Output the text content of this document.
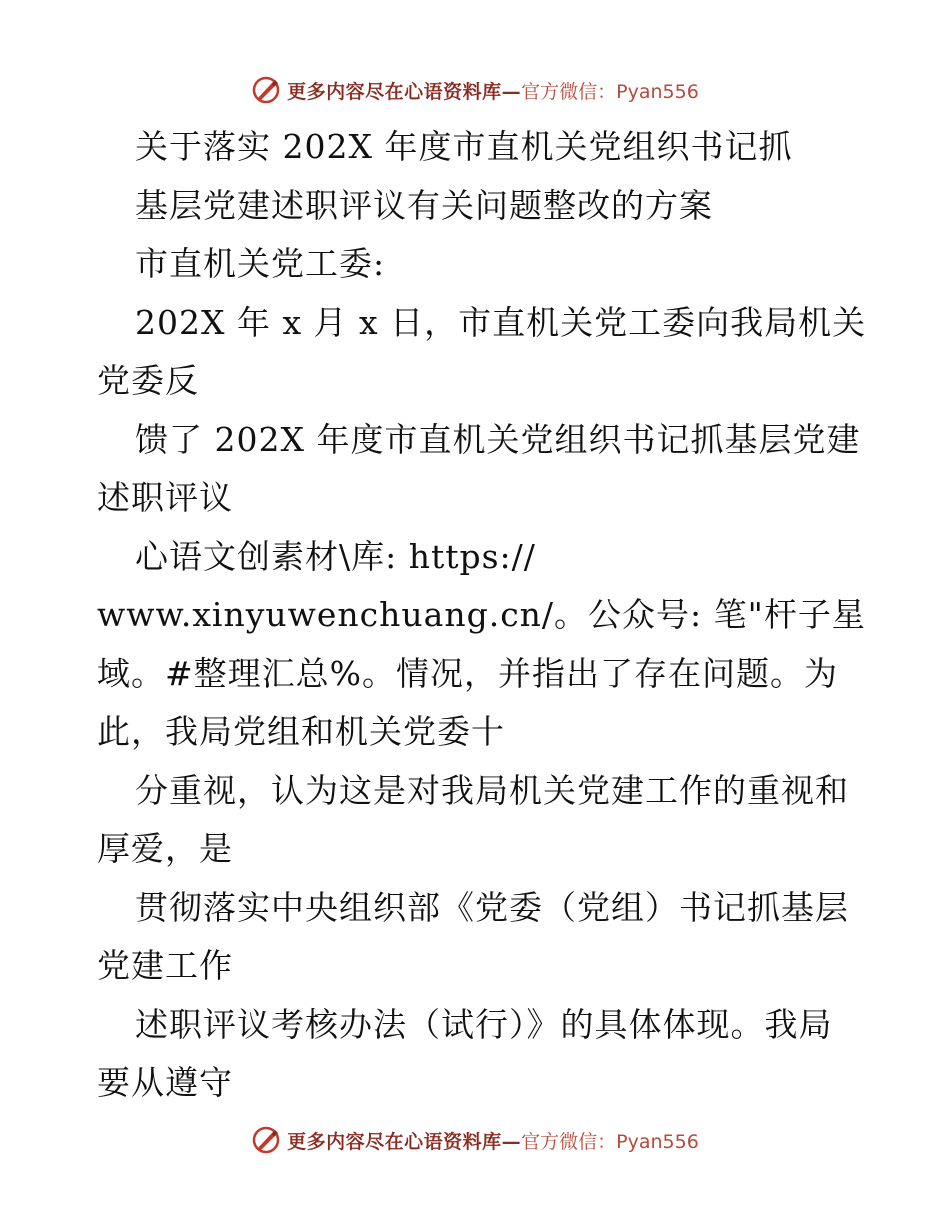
更多内容尽在心语资料库— 官方微信：Pyan556
关于落实 202X 年度市直机关党组织书记抓
基层党建述职评议有关问题整改的方案
市直机关党工委:
202X 年 x 月 x 日，市直机关党工委向我局机关
党委反
馈了 202X 年度市直机关党组织书记抓基层党建
述职评议
心语文创素材\库: https://
www.xinyuwenchuang.cn/。公众号: 笔"杆子星
域。#整理汇总%。情况，并指出了存在问题。为
此，我局党组和机关党委十
分重视，认为这是对我局机关党建工作的重视和
厚爱，是
贯彻落实中央组织部《党委（党组）书记抓基层
党建工作
述职评议考核办法（试行）》的具体体现。我局
要从遵守
更多内容尽在心语资料库— 官方微信：Pyan556
